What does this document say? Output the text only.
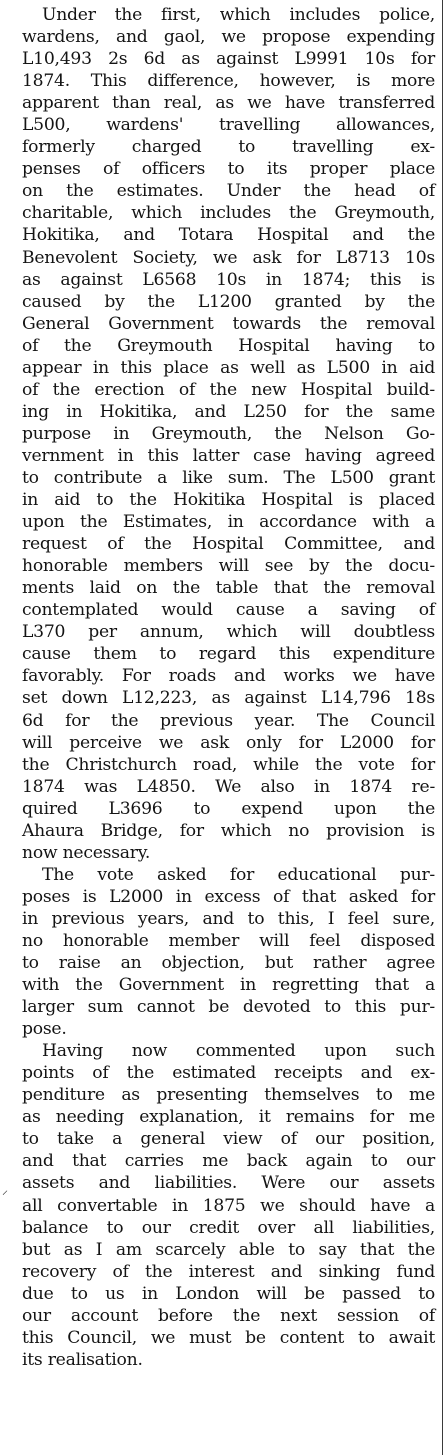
Under the first, which includes police,
wardens, and gaol, we propose expending
L10,493 2s 6d as against L9991 10s for
1874. This difference, however, is more
apparent than real, as we have transferred
L500, wardens' travelling allowances,
formerly charged to travelling ex-
penses of officers to its proper place
on the estimates. Under the head of
charitable, which includes the Greymouth,
Hokitika, and Totara Hospital and the
Benevolent Society, we ask for L8713 10s
as against L6568 10s in 1874; this is
caused by the L1200 granted by the
General Government towards the removal
of the Greymouth Hospital having to
appear in this place as well as L500 in aid
of the erection of the new Hospital build-
ing in Hokitika, and L250 for the same
purpose in Greymouth, the Nelson Go-
vernment in this latter case having agreed
to contribute a like sum. The L500 grant
in aid to the Hokitika Hospital is placed
upon the Estimates, in accordance with a
request of the Hospital Committee, and
honorable members will see by the docu-
ments laid on the table that the removal
contemplated would cause a saving of
L370 per annum, which will doubtless
cause them to regard this expenditure
favorably. For roads and works we have
set down L12,223, as against L14,796 18s
6d for the previous year. The Council
will perceive we ask only for L2000 for
the Christchurch road, while the vote for
1874 was L4850. We also in 1874 re-
quired L3696 to expend upon the
Ahaura Bridge, for which no provision is
now necessary.
The vote asked for educational pur-
poses is L2000 in excess of that asked for
in previous years, and to this, I feel sure,
no honorable member will feel disposed
to raise an objection, but rather agree
with the Government in regretting that a
larger sum cannot be devoted to this pur-
pose.
Having now commented upon such
points of the estimated receipts and ex-
penditure as presenting themselves to me
as needing explanation, it remains for me
to take a general view of our position,
and that carries me back again to our
assets and liabilities. Were our assets
all convertable in 1875 we should have a
balance to our credit over all liabilities,
but as I am scarcely able to say that the
recovery of the interest and sinking fund
due to us in London will be passed to
our account before the next session of
this Council, we must be content to await
its realisation.
⸝
